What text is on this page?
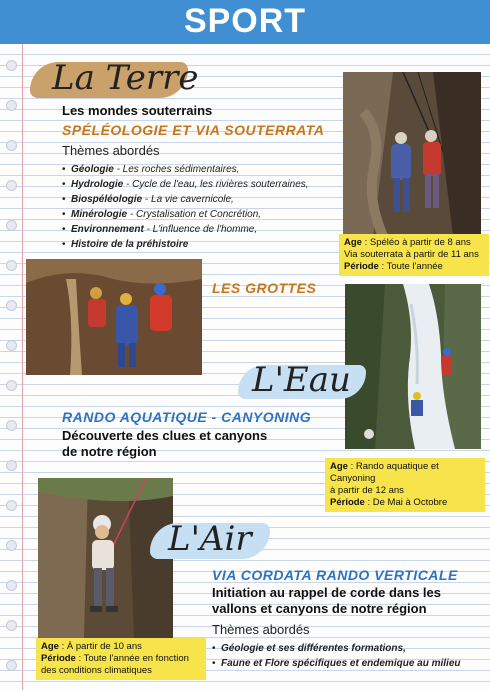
SPORT
La Terre
Les mondes souterrains
SPÉLÉOLOGIE ET VIA SOUTERRATA
Thèmes abordés
• Géologie - Les roches sédimentaires,
• Hydrologie - Cycle de l'eau, les rivières souterraines,
• Biospéléologie - La vie cavernicole,
• Minérologie - Crystalisation et Concrétion,
• Environnement - L'influence de l'homme,
• Histoire de la préhistoire	Age : Spéléo à partir de 8 ans
Via souterrata à partir de 11 ans
Période : Toute l'année
LES GROTTES
Age : Rando aquatique et Canyoning
à partir de 12 ans
Période : De Mai à Octobre
L'Eau
RANDO AQUATIQUE - CANYONING
Découverte des clues et canyons
de notre région
Age : À partir de 10 ans
Période : Toute l'année en fonction
des conditions climatiques
L'Air
VIA CORDATA RANDO VERTICALE
Initiation au rappel de corde dans les
vallons et canyons de notre région
Thèmes abordés
• Géologie et ses différentes formations,
• Faune et Flore spécifiques et endemique au milieu
